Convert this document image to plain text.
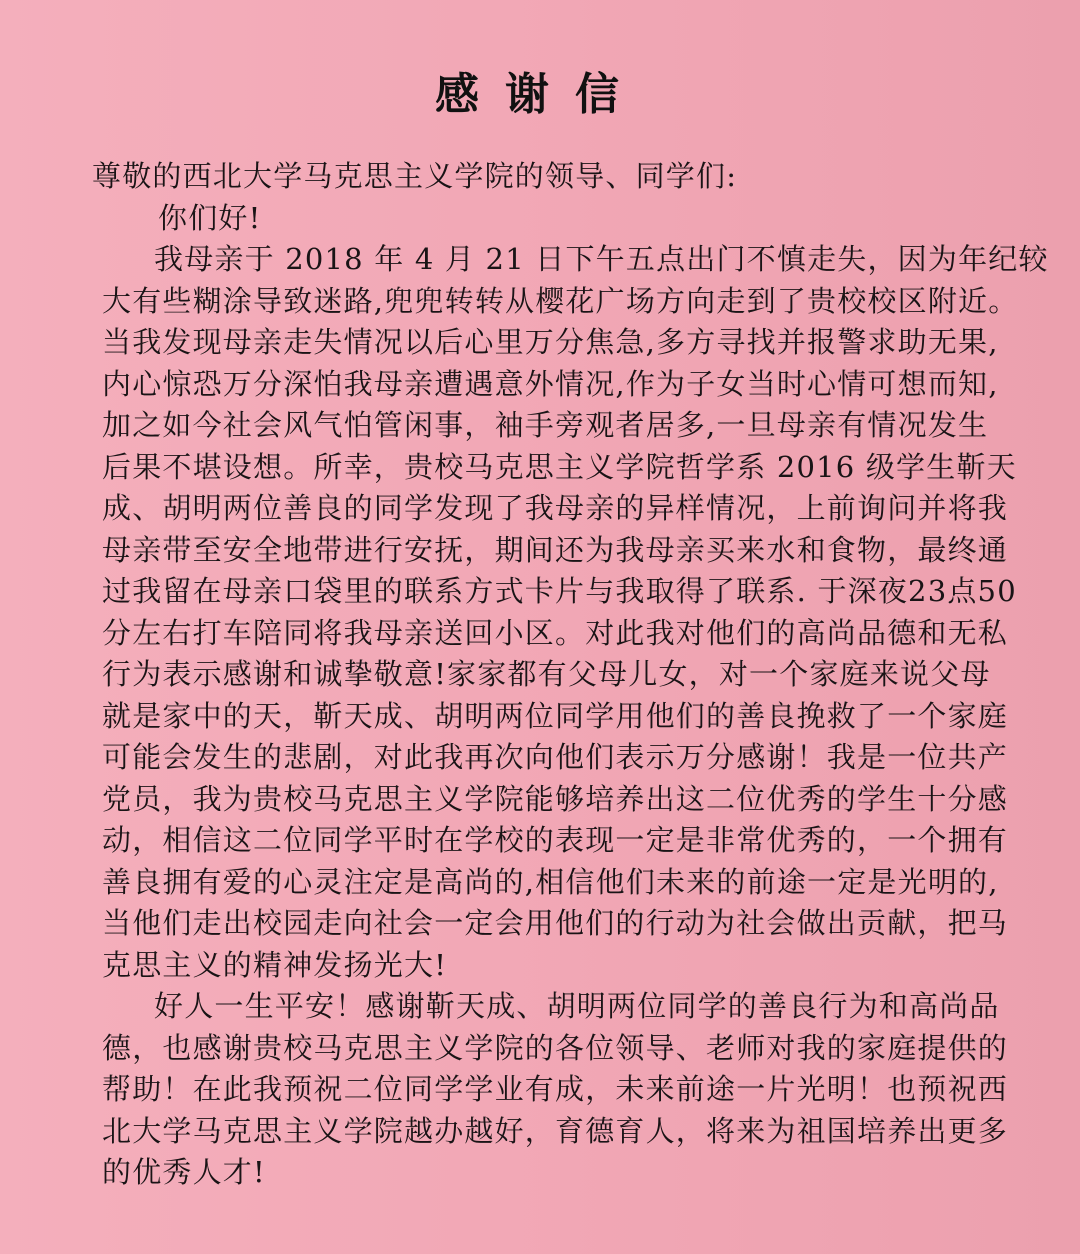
感谢信
尊敬的西北大学马克思主义学院的领导、同学们:
你们好!
我母亲于 2018 年 4 月 21 日下午五点出门不慎走失，因为年纪较
大有些糊涂导致迷路,兜兜转转从樱花广场方向走到了贵校校区附近。
当我发现母亲走失情况以后心里万分焦急,多方寻找并报警求助无果,
内心惊恐万分深怕我母亲遭遇意外情况,作为子女当时心情可想而知,
加之如今社会风气怕管闲事，袖手旁观者居多,一旦母亲有情况发生
后果不堪设想。所幸，贵校马克思主义学院哲学系 2016 级学生靳天
成、胡明两位善良的同学发现了我母亲的异样情况，上前询问并将我
母亲带至安全地带进行安抚，期间还为我母亲买来水和食物，最终通
过我留在母亲口袋里的联系方式卡片与我取得了联系. 于深夜23点50
分左右打车陪同将我母亲送回小区。对此我对他们的高尚品德和无私
行为表示感谢和诚挚敬意!家家都有父母儿女，对一个家庭来说父母
就是家中的天，靳天成、胡明两位同学用他们的善良挽救了一个家庭
可能会发生的悲剧，对此我再次向他们表示万分感谢！我是一位共产
党员，我为贵校马克思主义学院能够培养出这二位优秀的学生十分感
动，相信这二位同学平时在学校的表现一定是非常优秀的，一个拥有
善良拥有爱的心灵注定是高尚的,相信他们未来的前途一定是光明的,
当他们走出校园走向社会一定会用他们的行动为社会做出贡献，把马
克思主义的精神发扬光大!
好人一生平安！感谢靳天成、胡明两位同学的善良行为和高尚品
德，也感谢贵校马克思主义学院的各位领导、老师对我的家庭提供的
帮助！在此我预祝二位同学学业有成，未来前途一片光明！也预祝西
北大学马克思主义学院越办越好，育德育人，将来为祖国培养出更多
的优秀人才!
